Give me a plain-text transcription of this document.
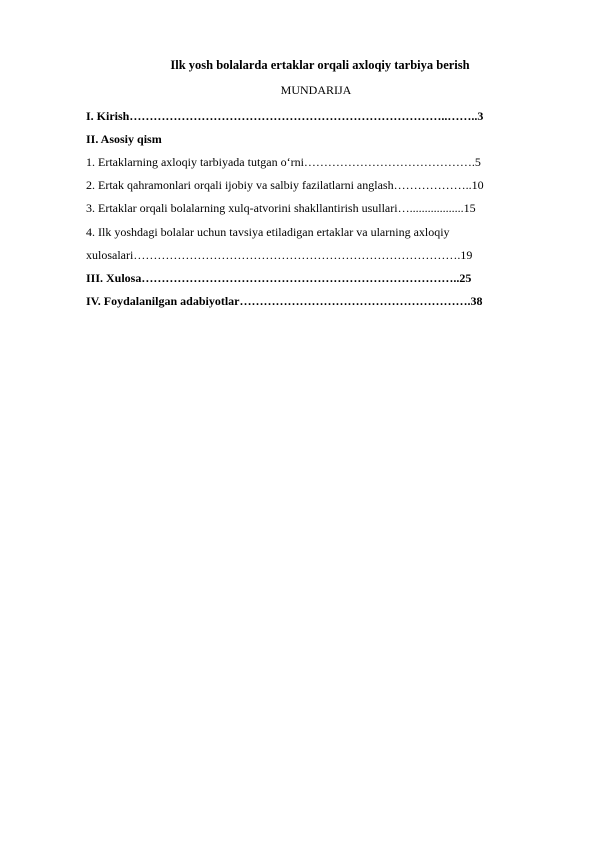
Ilk yosh bolalarda ertaklar orqali axloqiy tarbiya berish
MUNDARIJA
I. Kirish……………………………………………………………………..……..3
II. Asosiy qism
1. Ertaklarning axloqiy tarbiyada tutgan o‘rni…………………………………….5
2. Ertak qahramonlari orqali ijobiy va salbiy fazilatlarni anglash………………..10
3. Ertaklar orqali bolalarning xulq-atvorini shakllantirish usullari…..................15
4. Ilk yoshdagi bolalar uchun tavsiya etiladigan ertaklar va ularning axloqiy
xulosalari……………………………………………………………………….19
III. Xulosa……………………………………………………………………..25
IV. Foydalanilgan adabiyotlar………………………………………………….38
